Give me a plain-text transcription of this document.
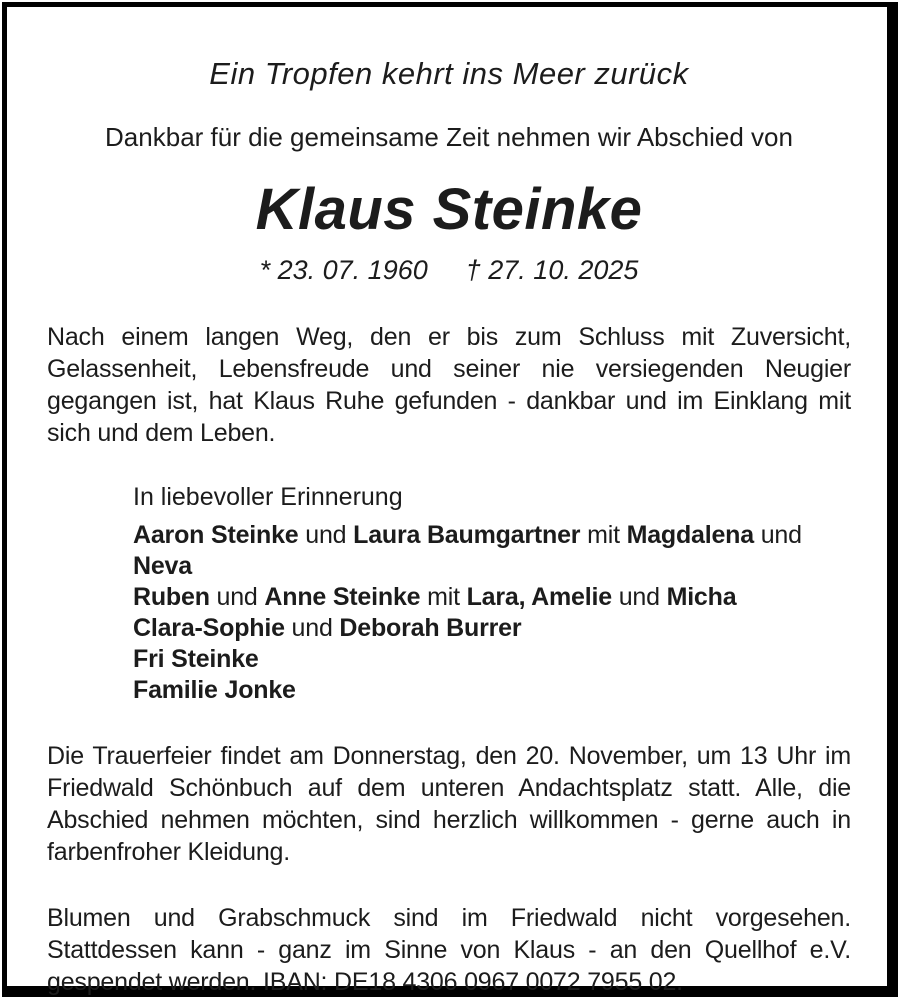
Ein Tropfen kehrt ins Meer zurück
Dankbar für die gemeinsame Zeit nehmen wir Abschied von
Klaus Steinke
* 23. 07. 1960 † 27. 10. 2025

Nach einem langen Weg, den er bis zum Schluss mit Zuversicht, Gelassenheit, Lebensfreude und seiner nie versiegenden Neugier gegangen ist, hat Klaus Ruhe gefunden - dankbar und im Einklang mit sich und dem Leben.

In liebevoller Erinnerung
Aaron Steinke und Laura Baumgartner mit Magdalena und Neva
Ruben und Anne Steinke mit Lara, Amelie und Micha
Clara-Sophie und Deborah Burrer
Fri Steinke
Familie Jonke

Die Trauerfeier findet am Donnerstag, den 20. November, um 13 Uhr im Friedwald Schönbuch auf dem unteren Andachtsplatz statt. Alle, die Abschied nehmen möchten, sind herzlich willkommen - gerne auch in farbenfroher Kleidung.

Blumen und Grabschmuck sind im Friedwald nicht vorgesehen. Stattdessen kann - ganz im Sinne von Klaus - an den Quellhof e.V. gespendet werden. IBAN: DE18 4306 0967 0072 7955 02.
